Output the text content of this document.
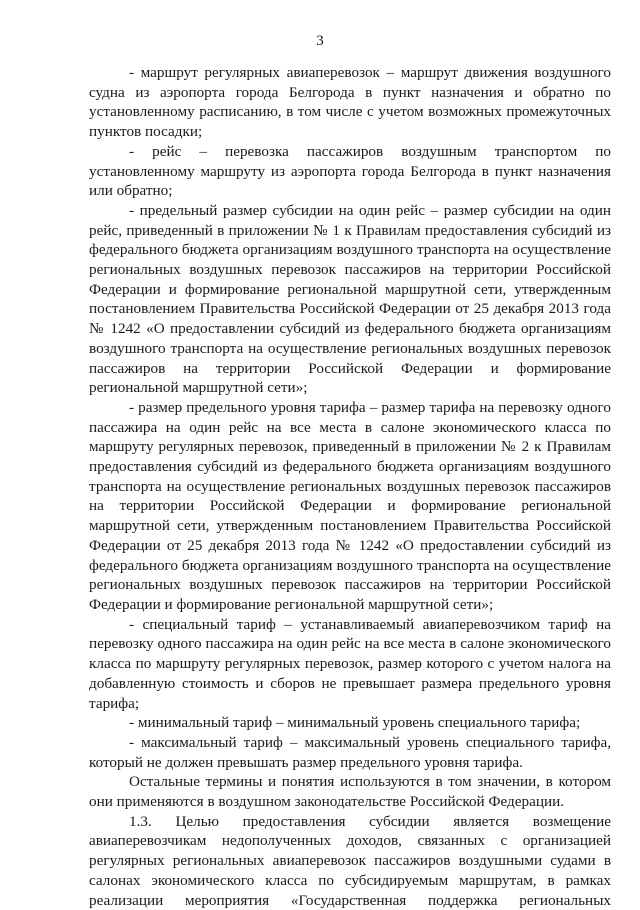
3

- маршрут регулярных авиаперевозок – маршрут движения воздушного судна из аэропорта города Белгорода в пункт назначения и обратно по установленному расписанию, в том числе с учетом возможных промежуточных пунктов посадки;

- рейс – перевозка пассажиров воздушным транспортом по установленному маршруту из аэропорта города Белгорода в пункт назначения или обратно;

- предельный размер субсидии на один рейс – размер субсидии на один рейс, приведенный в приложении № 1 к Правилам предоставления субсидий из федерального бюджета организациям воздушного транспорта на осуществление региональных воздушных перевозок пассажиров на территории Российской Федерации и формирование региональной маршрутной сети, утвержденным постановлением Правительства Российской Федерации от 25 декабря 2013 года № 1242 «О предоставлении субсидий из федерального бюджета организациям воздушного транспорта на осуществление региональных воздушных перевозок пассажиров на территории Российской Федерации и формирование региональной маршрутной сети»;

- размер предельного уровня тарифа – размер тарифа на перевозку одного пассажира на один рейс на все места в салоне экономического класса по маршруту регулярных перевозок, приведенный в приложении № 2 к Правилам предоставления субсидий из федерального бюджета организациям воздушного транспорта на осуществление региональных воздушных перевозок пассажиров на территории Российской Федерации и формирование региональной маршрутной сети, утвержденным постановлением Правительства Российской Федерации от 25 декабря 2013 года № 1242 «О предоставлении субсидий из федерального бюджета организациям воздушного транспорта на осуществление региональных воздушных перевозок пассажиров на территории Российской Федерации и формирование региональной маршрутной сети»;

- специальный тариф – устанавливаемый авиаперевозчиком тариф на перевозку одного пассажира на один рейс на все места в салоне экономического класса по маршруту регулярных перевозок, размер которого с учетом налога на добавленную стоимость и сборов не превышает размера предельного уровня тарифа;

- минимальный тариф – минимальный уровень специального тарифа;

- максимальный тариф – максимальный уровень специального тарифа, который не должен превышать размер предельного уровня тарифа.

Остальные термины и понятия используются в том значении, в котором они применяются в воздушном законодательстве Российской Федерации.

1.3. Целью предоставления субсидии является возмещение авиаперевозчикам недополученных доходов, связанных с организацией регулярных региональных авиаперевозок пассажиров воздушными судами в салонах экономического класса по субсидируемым маршрутам, в рамках реализации мероприятия «Государственная поддержка региональных
